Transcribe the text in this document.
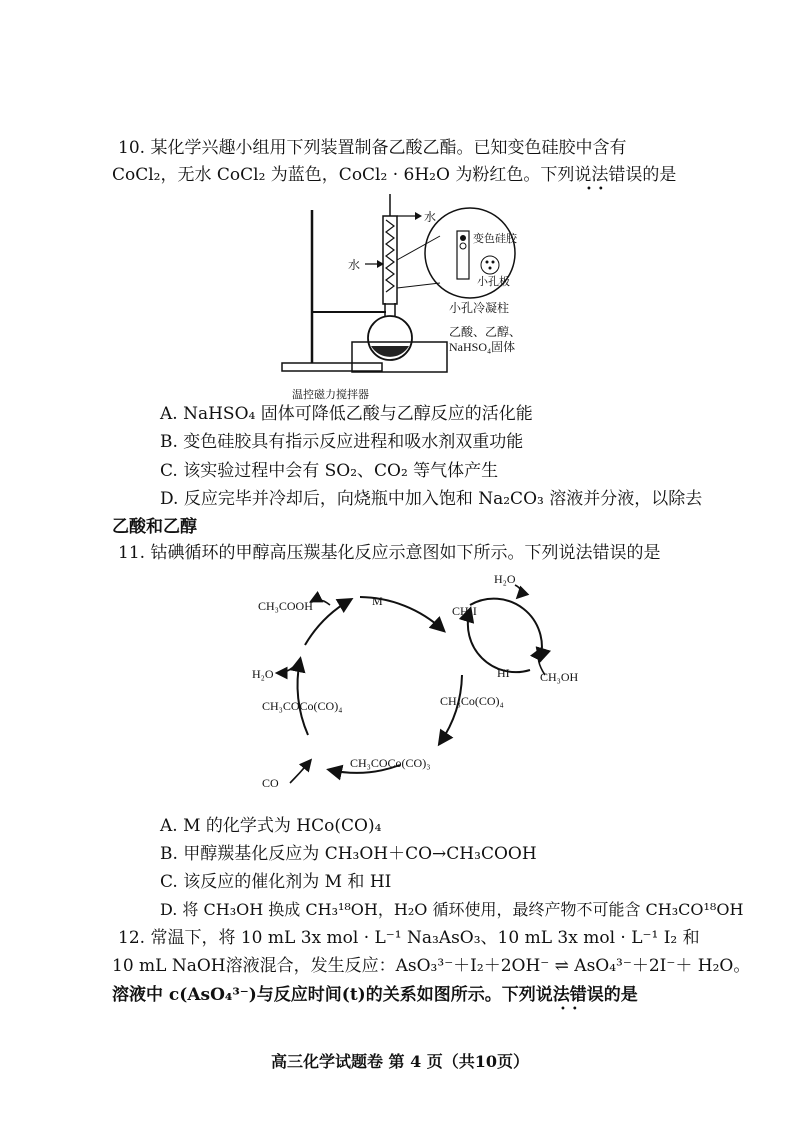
10. 某化学兴趣小组用下列装置制备乙酸乙酯。已知变色硅胶中含有
CoCl₂，无水 CoCl₂ 为蓝色，CoCl₂ · 6H₂O 为粉红色。下列说法错误的是
••
水
水
变色硅胶
小孔板
小孔冷凝柱
乙酸、乙醇、
NaHSO₄固体
温控磁力搅拌器
A. NaHSO₄ 固体可降低乙酸与乙醇反应的活化能
B. 变色硅胶具有指示反应进程和吸水剂双重功能
C. 该实验过程中会有 SO₂、CO₂ 等气体产生
D. 反应完毕并冷却后，向烧瓶中加入饱和 Na₂CO₃ 溶液并分液，以除去
乙酸和乙醇
11. 钴碘循环的甲醇高压羰基化反应示意图如下所示。下列说法错误的是
M
CH₃COOH	CH₃I
H₂O
HI	CH₃OH
H₂O
CH₃COCo(CO)₄	CH₃Co(CO)₄
CH₃COCo(CO)₃
CO
A. M 的化学式为 HCo(CO)₄
B. 甲醇羰基化反应为 CH₃OH＋CO→CH₃COOH
C. 该反应的催化剂为 M 和 HI
D. 将 CH₃OH 换成 CH₃¹⁸OH，H₂O 循环使用，最终产物不可能含 CH₃CO¹⁸OH
12. 常温下，将 10 mL 3x mol · L⁻¹ Na₃AsO₃、10 mL 3x mol · L⁻¹ I₂ 和
10 mL NaOH溶液混合，发生反应：AsO₃³⁻＋I₂＋2OH⁻ ⇌ AsO₄³⁻＋2I⁻＋ H₂O。
溶液中 c(AsO₄³⁻)与反应时间(t)的关系如图所示。下列说法错误的是
••
高三化学试题卷 第 4 页（共10页）
